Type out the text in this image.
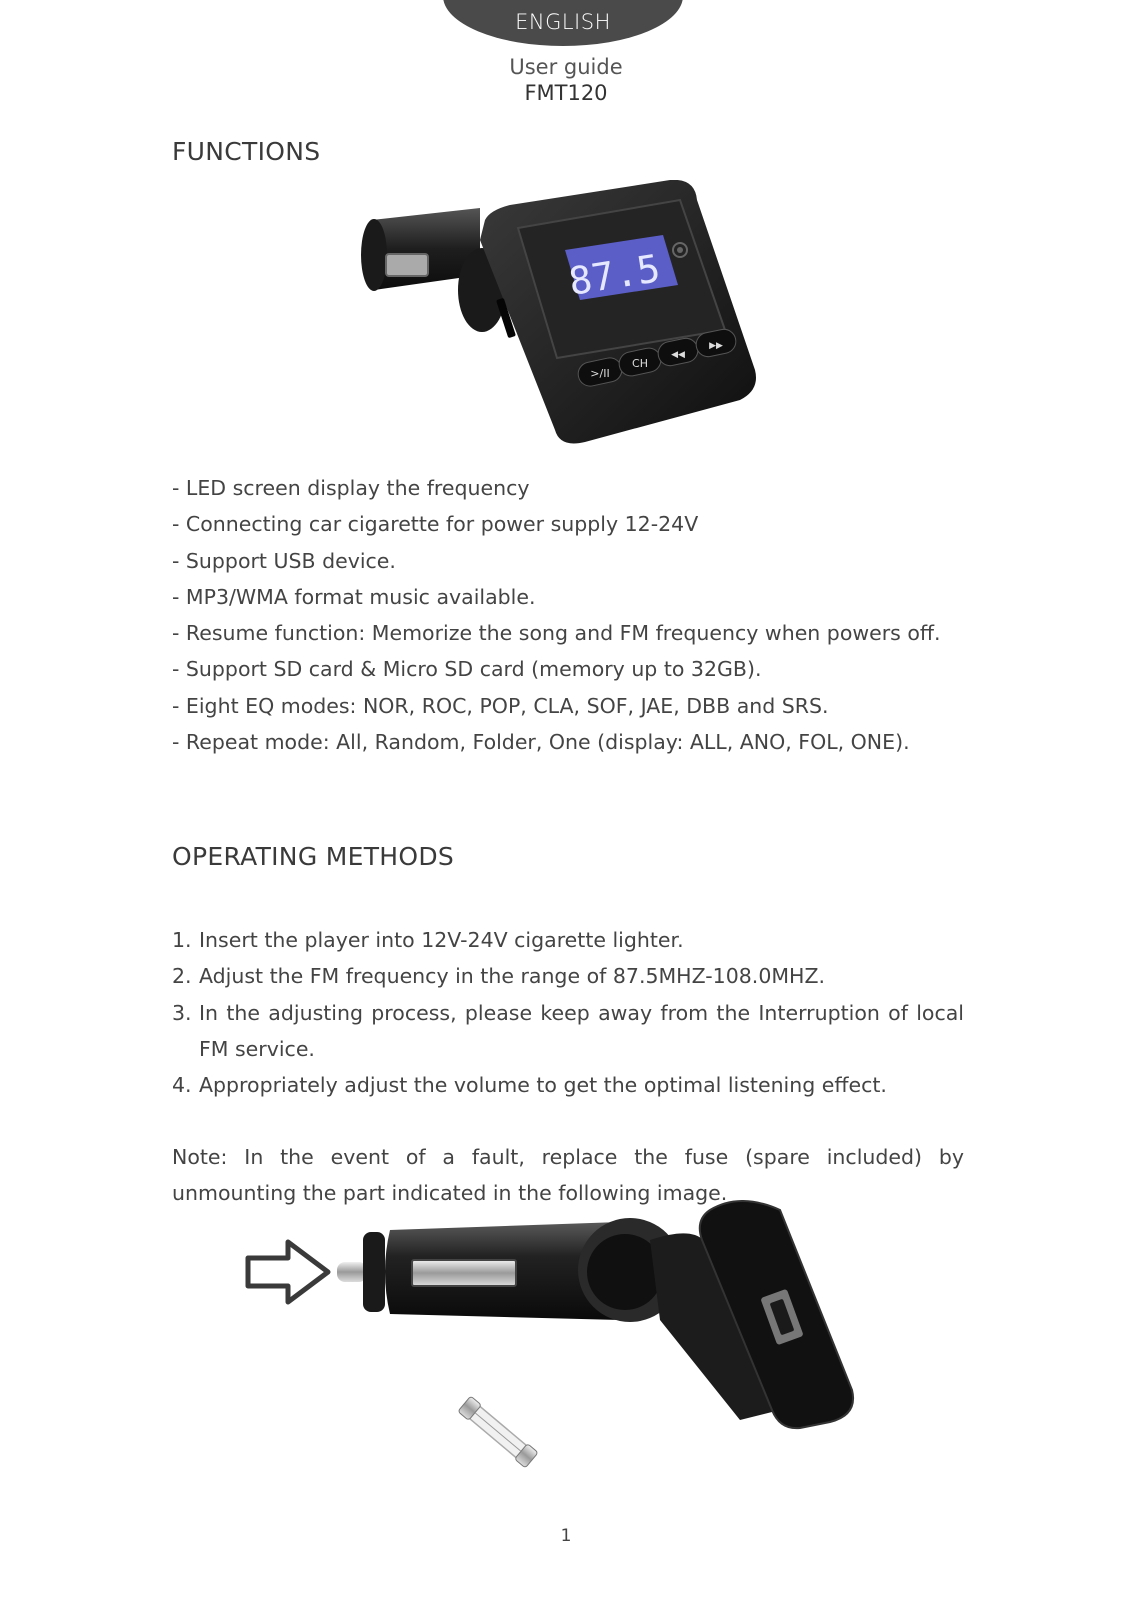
ENGLISH
User guide
FMT120
FUNCTIONS
87.5
>/II
CH
◀◀
▶▶
- LED screen display the frequency
- Connecting car cigarette for power supply 12-24V
- Support USB device.
- MP3/WMA format music available.
- Resume function: Memorize the song and FM frequency when powers off.
- Support SD card & Micro SD card (memory up to 32GB).
- Eight EQ modes: NOR, ROC, POP, CLA, SOF, JAE, DBB and SRS.
- Repeat mode: All, Random, Folder, One (display: ALL, ANO, FOL, ONE).
OPERATING METHODS
1. Insert the player into 12V-24V cigarette lighter.
2. Adjust the FM frequency in the range of 87.5MHZ-108.0MHZ.
3. In the adjusting process, please keep away from the Interruption of local FM service.
4. Appropriately adjust the volume to get the optimal listening effect.
Note: In the event of a fault, replace the fuse (spare included) by unmounting the part indicated in the following image.
1
